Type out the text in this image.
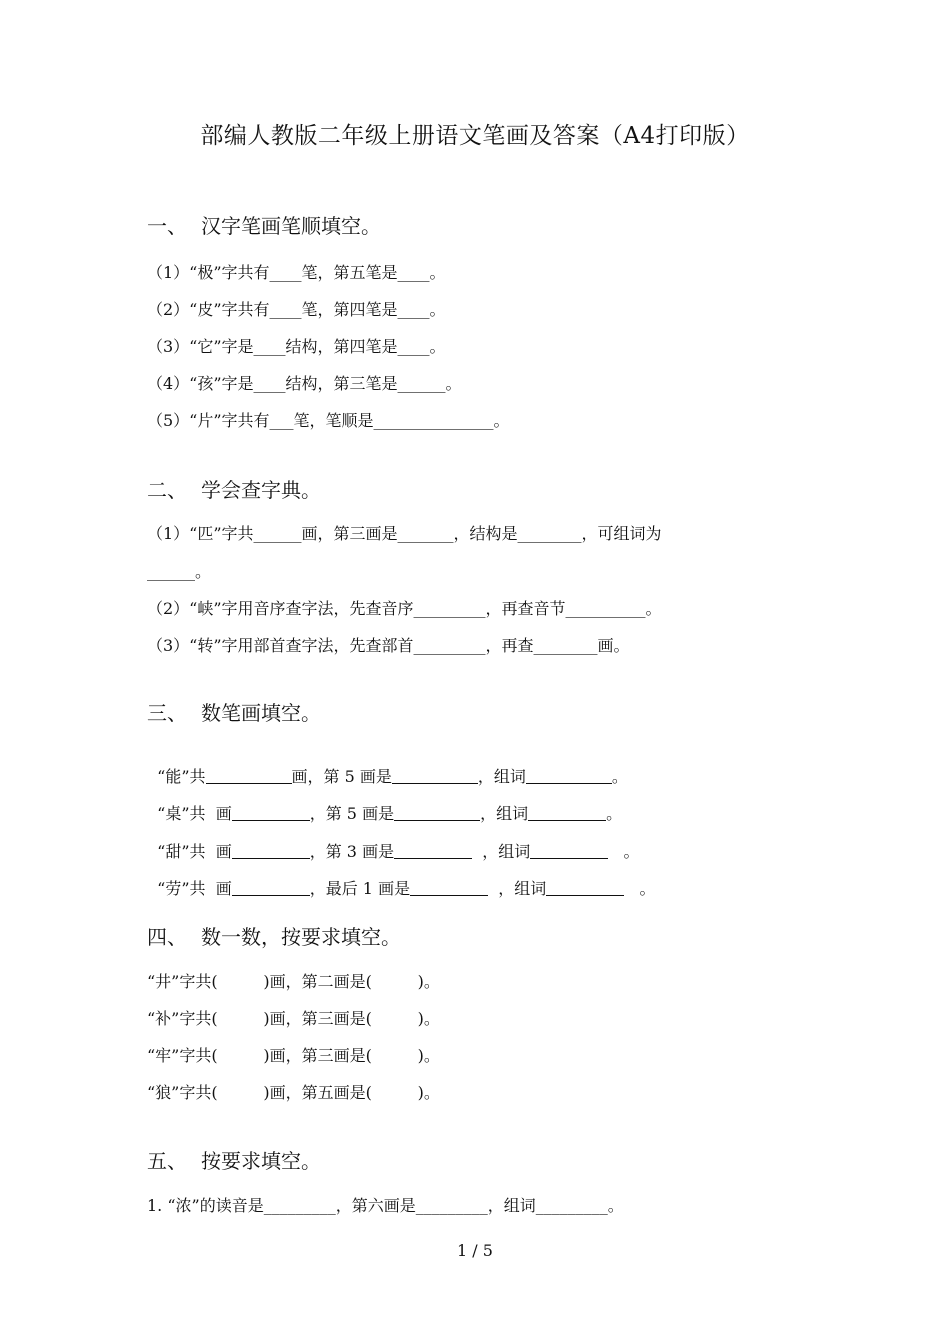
部编人教版二年级上册语文笔画及答案（A4打印版）
一、 汉字笔画笔顺填空。
（1）“极”字共有____笔，第五笔是____。
（2）“皮”字共有____笔，第四笔是____。
（3）“它”字是____结构，第四笔是____。
（4）“孩”字是____结构，第三笔是______。
（5）“片”字共有___笔，笔顺是_______________。
二、 学会查字典。
（1）“匹”字共______画，第三画是_______，结构是________，可组词为
______。
（2）“峡”字用音序查字法，先查音序_________，再查音节__________。
（3）“转”字用部首查字法，先查部首_________，再查________画。
三、 数笔画填空。

“能”共	画，第 5 画是	，组词	。

“桌”共  画	，第 5 画是	，组词	。

“甜”共  画	，第 3 画是	，组词	。

“劳”共  画	，最后 1 画是	，组词	。

四、 数一数，按要求填空。
“井”字共(         )画，第二画是(         )。
“补”字共(         )画，第三画是(         )。
“牢”字共(         )画，第三画是(         )。
“狼”字共(         )画，第五画是(         )。
五、 按要求填空。
1. “浓”的读音是_________，第六画是_________，组词_________。
1 / 5
